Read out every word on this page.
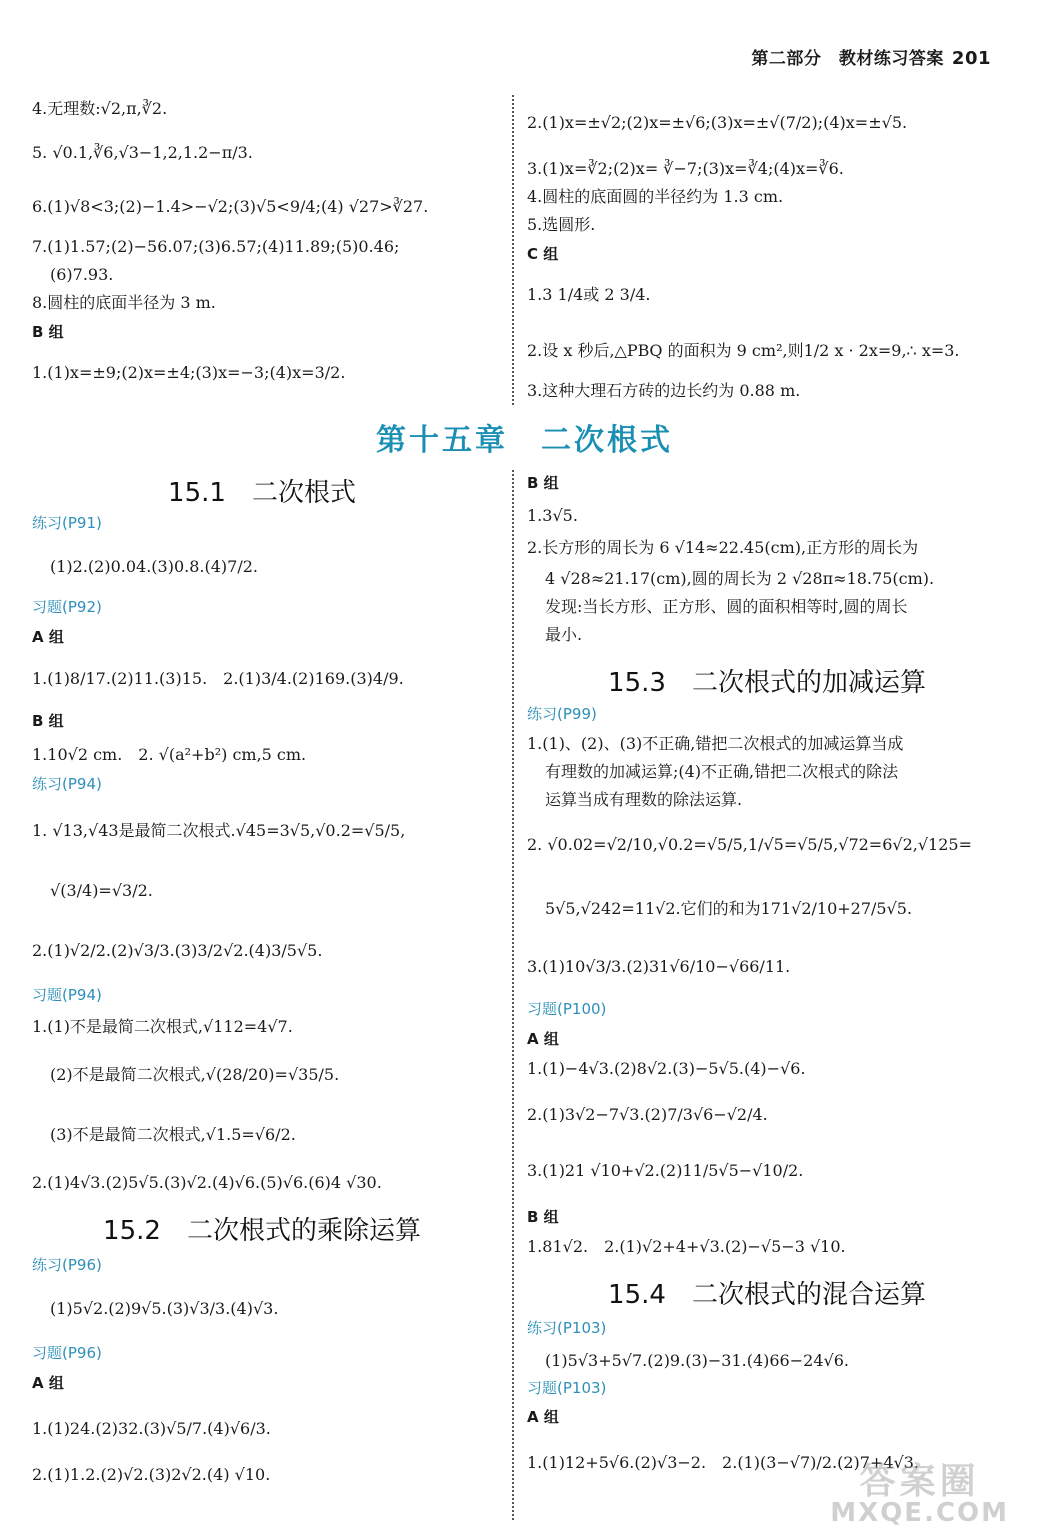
第二部分　教材练习答案 201

4.无理数:√2,π,∛2.

5. √0.1,∛6,√3−1,2,1.2−π/3.

6.(1)√8<3;(2)−1.4>−√2;(3)√5<9/4;(4) √27>∛27.

7.(1)1.57;(2)−56.07;(3)6.57;(4)11.89;(5)0.46;

(6)7.93.

8.圆柱的底面半径为 3 m.

B 组

1.(1)x=±9;(2)x=±4;(3)x=−3;(4)x=3/2.

2.(1)x=±√2;(2)x=±√6;(3)x=±√(7/2);(4)x=±√5.

3.(1)x=∛2;(2)x= ∛−7;(3)x=∛4;(4)x=∛6.

4.圆柱的底面圆的半径约为 1.3 cm.

5.选圆形.

C 组

1.3 1/4或 2 3/4.

2.设 x 秒后,△PBQ 的面积为 9 cm²,则1/2 x · 2x=9,∴ x=3.

3.这种大理石方砖的边长约为 0.88 m.

第十五章　二次根式
15.1　二次根式
15.2　二次根式的乘除运算
15.3　二次根式的加减运算
15.4　二次根式的混合运算

练习(P91)

(1)2.(2)0.04.(3)0.8.(4)7/2.

习题(P92)

A 组

1.(1)8/17.(2)11.(3)15.　2.(1)3/4.(2)169.(3)4/9.

B 组

1.10√2 cm.　2. √(a²+b²) cm,5 cm.

练习(P94)

1. √13,√43是最简二次根式.√45=3√5,√0.2=√5/5,

√(3/4)=√3/2.

2.(1)√2/2.(2)√3/3.(3)3/2√2.(4)3/5√5.

习题(P94)

1.(1)不是最简二次根式,√112=4√7.

(2)不是最简二次根式,√(28/20)=√35/5.

(3)不是最简二次根式,√1.5=√6/2.

2.(1)4√3.(2)5√5.(3)√2.(4)√6.(5)√6.(6)4 √30.

练习(P96)

(1)5√2.(2)9√5.(3)√3/3.(4)√3.

习题(P96)

A 组

1.(1)24.(2)32.(3)√5/7.(4)√6/3.

2.(1)1.2.(2)√2.(3)2√2.(4) √10.

B 组

1.3√5.

2.长方形的周长为 6 √14≈22.45(cm),正方形的周长为

4 √28≈21.17(cm),圆的周长为 2 √28π≈18.75(cm).

发现:当长方形、正方形、圆的面积相等时,圆的周长

最小.

练习(P99)

1.(1)、(2)、(3)不正确,错把二次根式的加减运算当成

有理数的加减运算;(4)不正确,错把二次根式的除法

运算当成有理数的除法运算.

2. √0.02=√2/10,√0.2=√5/5,1/√5=√5/5,√72=6√2,√125=

5√5,√242=11√2.它们的和为171√2/10+27/5√5.

3.(1)10√3/3.(2)31√6/10−√66/11.

习题(P100)

A 组

1.(1)−4√3.(2)8√2.(3)−5√5.(4)−√6.

2.(1)3√2−7√3.(2)7/3√6−√2/4.

3.(1)21 √10+√2.(2)11/5√5−√10/2.

B 组

1.81√2.　2.(1)√2+4+√3.(2)−√5−3 √10.

练习(P103)

(1)5√3+5√7.(2)9.(3)−31.(4)66−24√6.

习题(P103)

A 组

1.(1)12+5√6.(2)√3−2.　2.(1)(3−√7)/2.(2)7+4√3.

答案圈
MXQE.COM
